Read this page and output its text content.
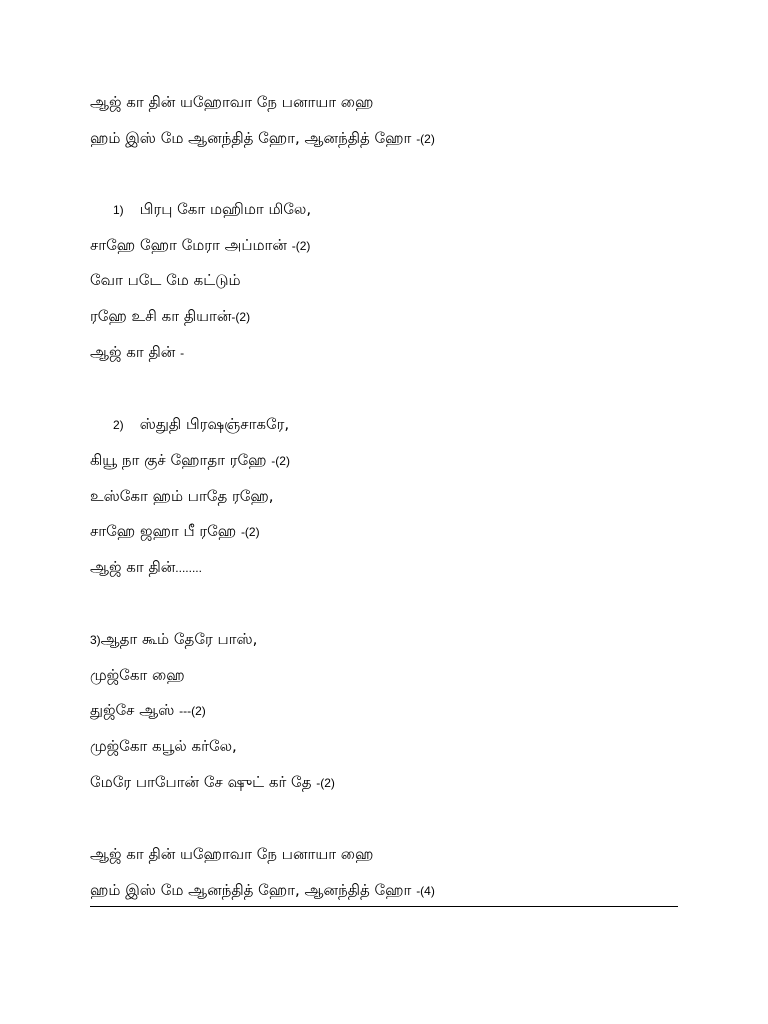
ஆஜ் கா தின் யஹோவா நே பனாயா ஹை
ஹம் இஸ் மே ஆனந்தித் ஹோ, ஆனந்தித் ஹோ -(2)
1) பிரபு கோ மஹிமா மிலே,
சாஹே ஹோ மேரா அப்மான் -(2)
வோ படே மே கட்டும்
ரஹே உசி கா தியான்-(2)
ஆஜ் கா தின் -
2) ஸ்துதி பிரஷஞ்சாகரே,
கியூ நா குச் ஹோதா ரஹே -(2)
உஸ்கோ ஹம் பாதே ரஹே,
சாஹே ஜஹா பீ ரஹே -(2)
ஆஜ் கா தின்........
3)ஆதா கூம் தேரே பாஸ்,
முஜ்கோ ஹை
துஜ்சே ஆஸ் ---(2)
முஜ்கோ கபூல் கர்லே,
மேரே பாபோன் சே ஷுட் கர் தே -(2)
ஆஜ் கா தின் யஹோவா நே பனாயா ஹை
ஹம் இஸ் மே ஆனந்தித் ஹோ, ஆனந்தித் ஹோ -(4)
